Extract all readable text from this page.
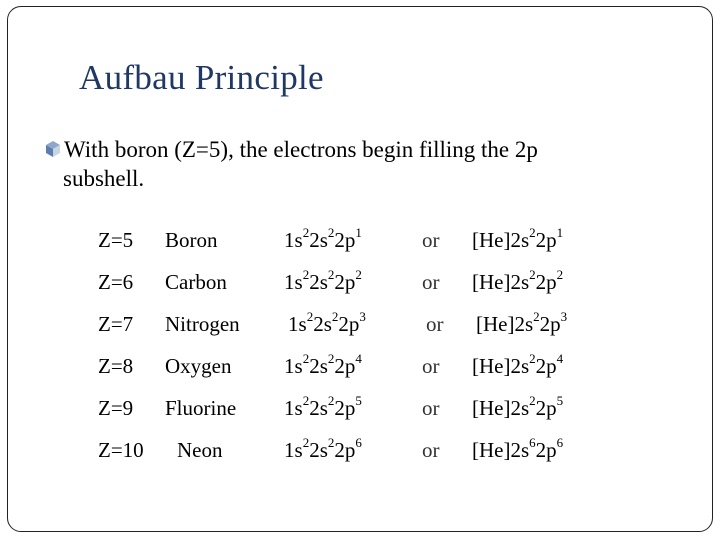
Aufbau Principle
With boron (Z=5), the electrons begin filling the 2p
subshell.
Z=5 Boron	$1s^22s^22p^1$	or $[He]2s^22p^1$
Z=6 Carbon	$1s^22s^22p^2$	or $[He]2s^22p^2$
Z=7 Nitrogen $1s^22s^22p^3$	or $[He]2s^22p^3$
Z=8 Oxygen	$1s^22s^22p^4$	or $[He]2s^22p^4$
Z=9 Fluorine $1s^22s^22p^5$	or $[He]2s^22p^5$
Z=10 Neon	$1s^22s^22p^6$	or $[He]2s^62p^6$
